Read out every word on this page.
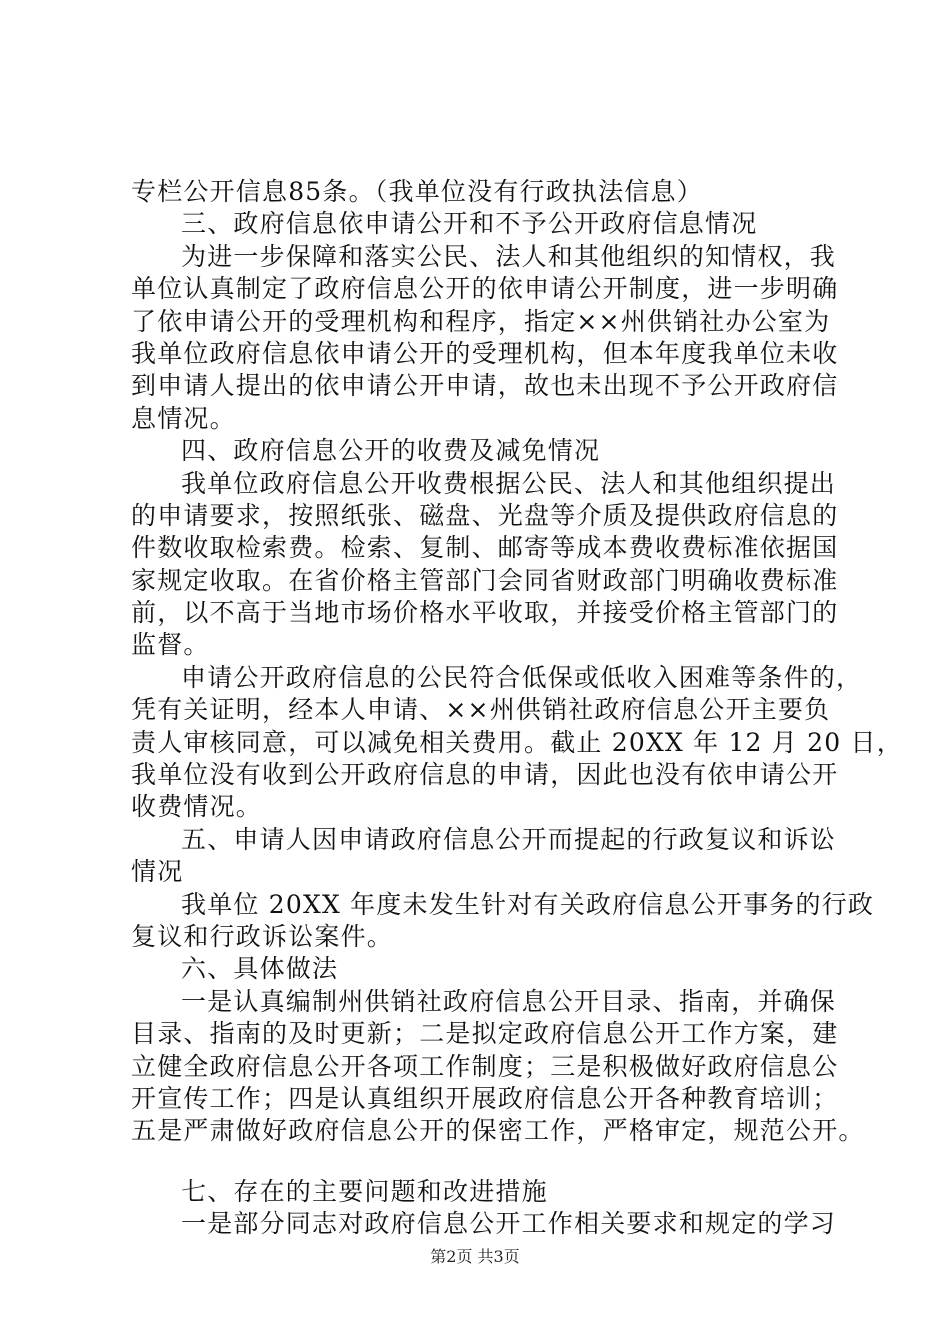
专栏公开信息85条。（我单位没有行政执法信息）
三、政府信息依申请公开和不予公开政府信息情况
为进一步保障和落实公民、法人和其他组织的知情权，我
单位认真制定了政府信息公开的依申请公开制度，进一步明确
了依申请公开的受理机构和程序，指定××州供销社办公室为
我单位政府信息依申请公开的受理机构，但本年度我单位未收
到申请人提出的依申请公开申请，故也未出现不予公开政府信
息情况。
四、政府信息公开的收费及减免情况
我单位政府信息公开收费根据公民、法人和其他组织提出
的申请要求，按照纸张、磁盘、光盘等介质及提供政府信息的
件数收取检索费。检索、复制、邮寄等成本费收费标准依据国
家规定收取。在省价格主管部门会同省财政部门明确收费标准
前，以不高于当地市场价格水平收取，并接受价格主管部门的
监督。
申请公开政府信息的公民符合低保或低收入困难等条件的，
凭有关证明，经本人申请、××州供销社政府信息公开主要负
责人审核同意，可以减免相关费用。截止 20XX 年 12 月 20 日，
我单位没有收到公开政府信息的申请，因此也没有依申请公开
收费情况。
五、申请人因申请政府信息公开而提起的行政复议和诉讼
情况
我单位 20XX 年度未发生针对有关政府信息公开事务的行政
复议和行政诉讼案件。
六、具体做法
一是认真编制州供销社政府信息公开目录、指南，并确保
目录、指南的及时更新；二是拟定政府信息公开工作方案，建
立健全政府信息公开各项工作制度；三是积极做好政府信息公
开宣传工作；四是认真组织开展政府信息公开各种教育培训；
五是严肃做好政府信息公开的保密工作，严格审定，规范公开。
七、存在的主要问题和改进措施
一是部分同志对政府信息公开工作相关要求和规定的学习
第2页 共3页
